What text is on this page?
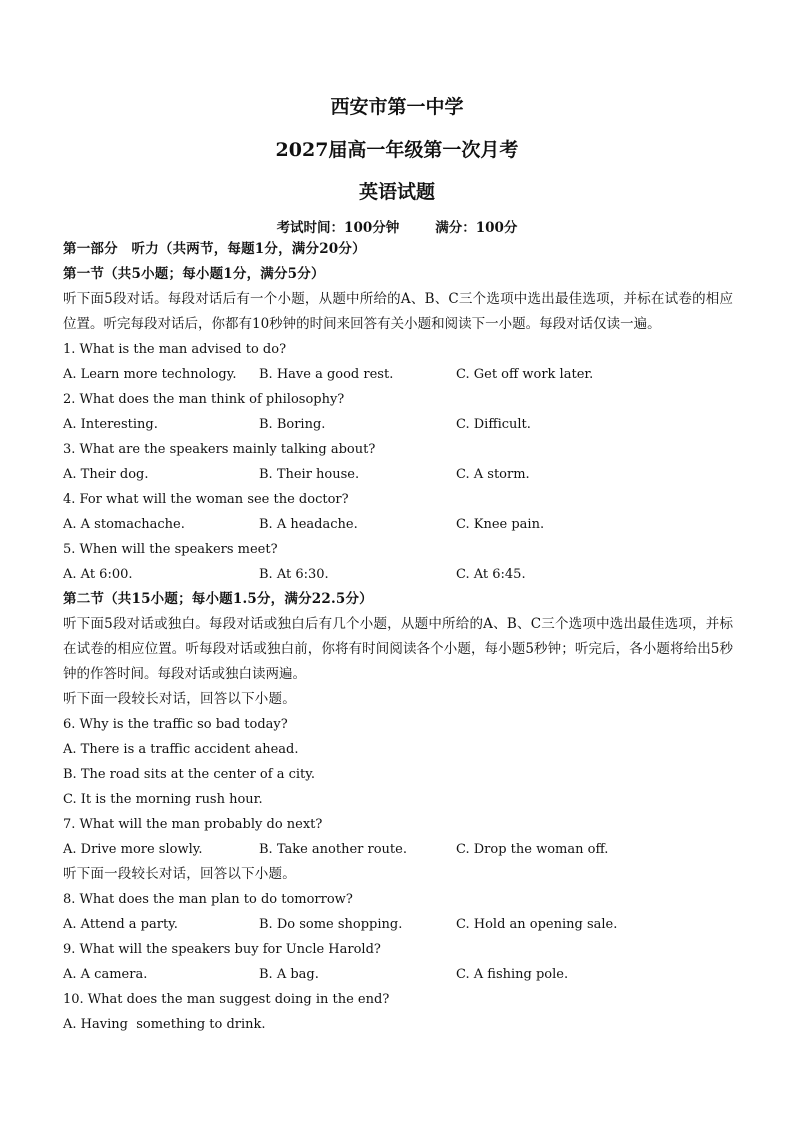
西安市第一中学
2027届高一年级第一次月考
英语试题
考试时间：100分钟	满分：100分
第一部分　听力（共两节，每题1分，满分20分）
第一节（共5小题；每小题1分，满分5分）
听下面5段对话。每段对话后有一个小题，从题中所给的A、B、C三个选项中选出最佳选项，并标在试卷的相应位置。听完每段对话后，你都有10秒钟的时间来回答有关小题和阅读下一小题。每段对话仅读一遍。
1. What is the man advised to do?
A. Learn more technology.	B. Have a good rest.	C. Get off work later.
2. What does the man think of philosophy?
A. Interesting.	B. Boring.	C. Difficult.
3. What are the speakers mainly talking about?
A. Their dog.	B. Their house.	C. A storm.
4. For what will the woman see the doctor?
A. A stomachache.	B. A headache.	C. Knee pain.
5. When will the speakers meet?
A. At 6:00.	B. At 6:30.	C. At 6:45.
第二节（共15小题；每小题1.5分，满分22.5分）
听下面5段对话或独白。每段对话或独白后有几个小题，从题中所给的A、B、C三个选项中选出最佳选项，并标在试卷的相应位置。听每段对话或独白前，你将有时间阅读各个小题，每小题5秒钟；听完后，各小题将给出5秒钟的作答时间。每段对话或独白读两遍。
听下面一段较长对话，回答以下小题。
6. Why is the traffic so bad today?
A. There is a traffic accident ahead.
B. The road sits at the center of a city.
C. It is the morning rush hour.
7. What will the man probably do next?
A. Drive more slowly.	B. Take another route.	C. Drop the woman off.
听下面一段较长对话，回答以下小题。
8. What does the man plan to do tomorrow?
A. Attend a party.	B. Do some shopping.	C. Hold an opening sale.
9. What will the speakers buy for Uncle Harold?
A. A camera.	B. A bag.	C. A fishing pole.
10. What does the man suggest doing in the end?
A. Having  something to drink.
